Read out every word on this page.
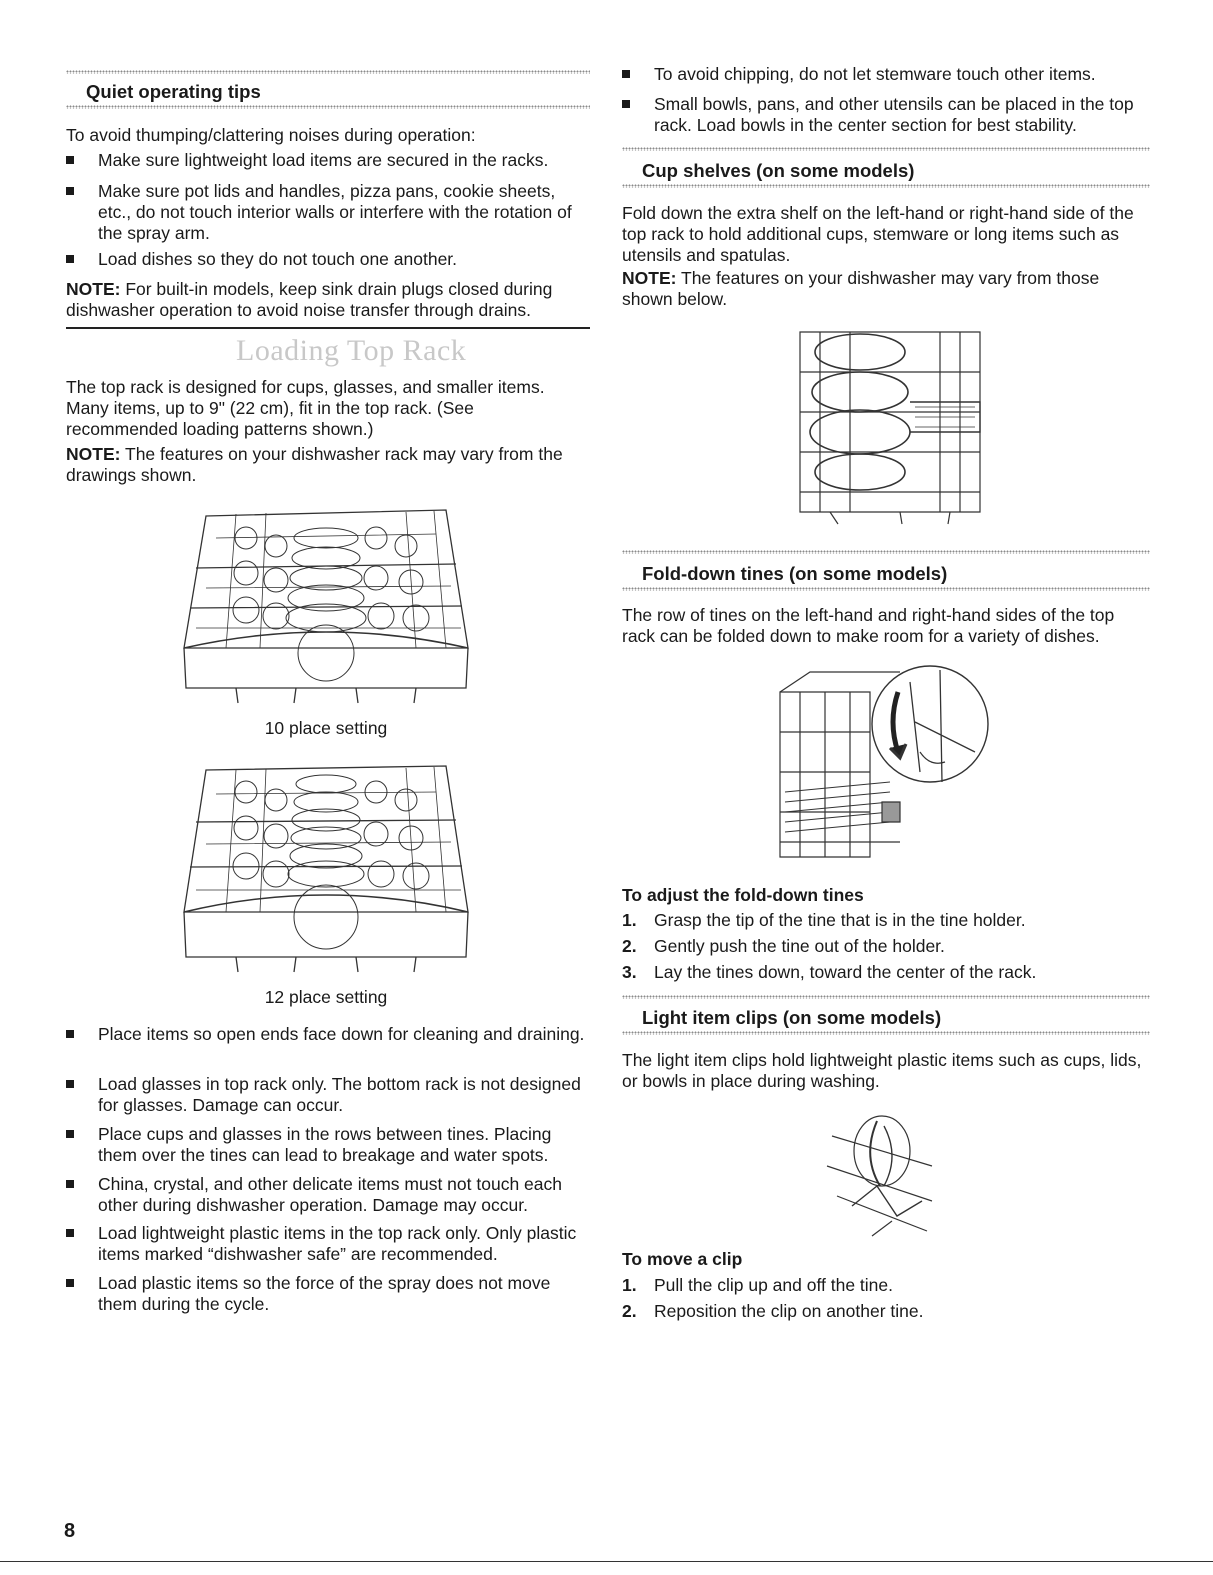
Quiet operating tips
To avoid thumping/clattering noises during operation:
Make sure lightweight load items are secured in the racks.
Make sure pot lids and handles, pizza pans, cookie sheets, etc., do not touch interior walls or interfere with the rotation of the spray arm.
Load dishes so they do not touch one another.
NOTE: For built-in models, keep sink drain plugs closed during dishwasher operation to avoid noise transfer through drains.
Loading Top Rack
The top rack is designed for cups, glasses, and smaller items. Many items, up to 9" (22 cm), fit in the top rack. (See recommended loading patterns shown.)
NOTE: The features on your dishwasher rack may vary from the drawings shown.
10 place setting
12 place setting
Place items so open ends face down for cleaning and draining.
Load glasses in top rack only. The bottom rack is not designed for glasses. Damage can occur.
Place cups and glasses in the rows between tines. Placing them over the tines can lead to breakage and water spots.
China, crystal, and other delicate items must not touch each other during dishwasher operation. Damage may occur.
Load lightweight plastic items in the top rack only. Only plastic items marked “dishwasher safe” are recommended.
Load plastic items so the force of the spray does not move them during the cycle.
To avoid chipping, do not let stemware touch other items.
Small bowls, pans, and other utensils can be placed in the top rack. Load bowls in the center section for best stability.
Cup shelves (on some models)
Fold down the extra shelf on the left-hand or right-hand side of the top rack to hold additional cups, stemware or long items such as utensils and spatulas.
NOTE: The features on your dishwasher may vary from those shown below.
Fold-down tines (on some models)
The row of tines on the left-hand and right-hand sides of the top rack can be folded down to make room for a variety of dishes.
To adjust the fold-down tines
1. Grasp the tip of the tine that is in the tine holder.
2. Gently push the tine out of the holder.
3. Lay the tines down, toward the center of the rack.
Light item clips (on some models)
The light item clips hold lightweight plastic items such as cups, lids, or bowls in place during washing.
To move a clip
1. Pull the clip up and off the tine.
2. Reposition the clip on another tine.
8
